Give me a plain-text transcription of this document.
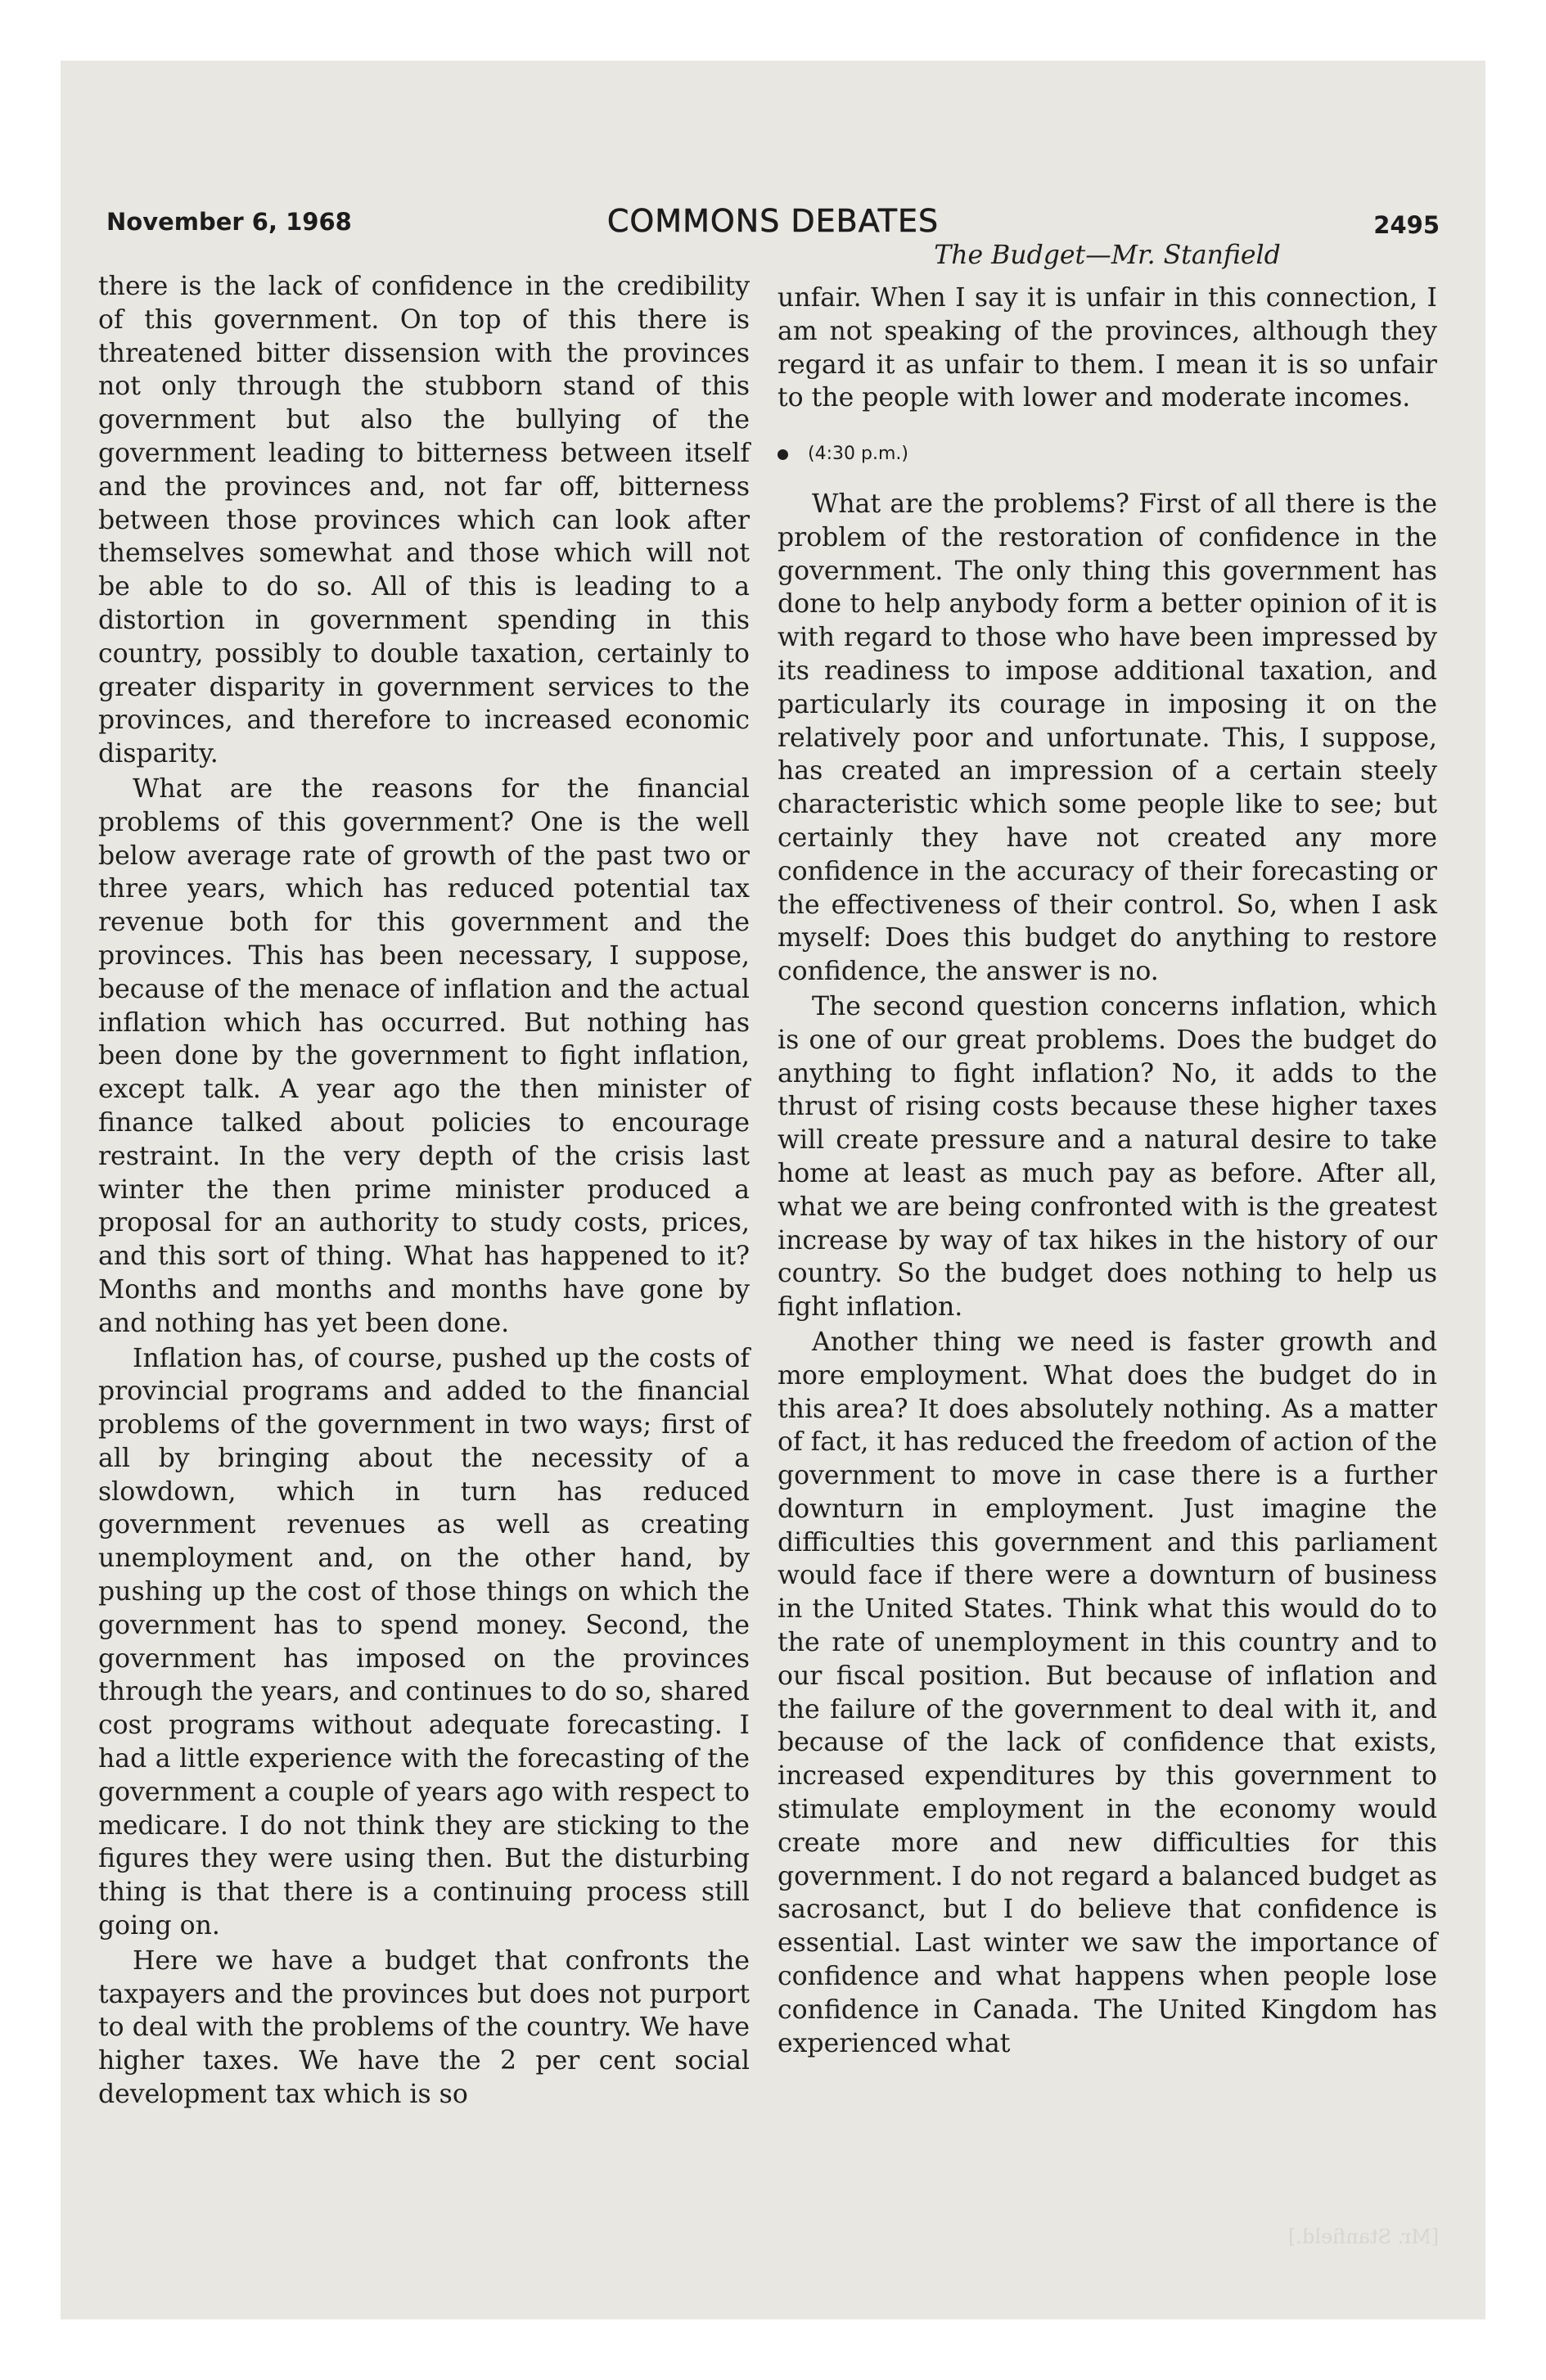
[Mr. Stanfield.]
November 6, 1968	COMMONS DEBATES	2495
The Budget—Mr. Stanfield

there is the lack of confidence in the credibility of this government. On top of this there is threatened bitter dissension with the provinces not only through the stubborn stand of this government but also the bullying of the government leading to bitterness between itself and the provinces and, not far off, bitterness between those provinces which can look after themselves somewhat and those which will not be able to do so. All of this is leading to a distortion in government spending in this country, possibly to double taxation, certainly to greater disparity in government services to the provinces, and therefore to increased economic disparity.

What are the reasons for the financial problems of this government? One is the well below average rate of growth of the past two or three years, which has reduced potential tax revenue both for this government and the provinces. This has been necessary, I suppose, because of the menace of inflation and the actual inflation which has occurred. But nothing has been done by the government to fight inflation, except talk. A year ago the then minister of finance talked about policies to encourage restraint. In the very depth of the crisis last winter the then prime minister produced a proposal for an authority to study costs, prices, and this sort of thing. What has happened to it? Months and months and months have gone by and nothing has yet been done.

Inflation has, of course, pushed up the costs of provincial programs and added to the financial problems of the government in two ways; first of all by bringing about the necessity of a slowdown, which in turn has reduced government revenues as well as creating unemployment and, on the other hand, by pushing up the cost of those things on which the government has to spend money. Second, the government has imposed on the provinces through the years, and continues to do so, shared cost programs without adequate forecasting. I had a little experience with the forecasting of the government a couple of years ago with respect to medicare. I do not think they are sticking to the figures they were using then. But the disturbing thing is that there is a continuing process still going on.

Here we have a budget that confronts the taxpayers and the provinces but does not purport to deal with the problems of the country. We have higher taxes. We have the 2 per cent social development tax which is so

unfair. When I say it is unfair in this connection, I am not speaking of the provinces, although they regard it as unfair to them. I mean it is so unfair to the people with lower and moderate incomes.

(4:30 p.m.)

What are the problems? First of all there is the problem of the restoration of confidence in the government. The only thing this government has done to help anybody form a better opinion of it is with regard to those who have been impressed by its readiness to impose additional taxation, and particularly its courage in imposing it on the relatively poor and unfortunate. This, I suppose, has created an impression of a certain steely characteristic which some people like to see; but certainly they have not created any more confidence in the accuracy of their forecasting or the effectiveness of their control. So, when I ask myself: Does this budget do anything to restore confidence, the answer is no.

The second question concerns inflation, which is one of our great problems. Does the budget do anything to fight inflation? No, it adds to the thrust of rising costs because these higher taxes will create pressure and a natural desire to take home at least as much pay as before. After all, what we are being confronted with is the greatest increase by way of tax hikes in the history of our country. So the budget does nothing to help us fight inflation.

Another thing we need is faster growth and more employment. What does the budget do in this area? It does absolutely nothing. As a matter of fact, it has reduced the freedom of action of the government to move in case there is a further downturn in employment. Just imagine the difficulties this government and this parliament would face if there were a downturn of business in the United States. Think what this would do to the rate of unemployment in this country and to our fiscal position. But because of inflation and the failure of the government to deal with it, and because of the lack of confidence that exists, increased expenditures by this government to stimulate employment in the economy would create more and new difficulties for this government. I do not regard a balanced budget as sacrosanct, but I do believe that confidence is essential. Last winter we saw the importance of confidence and what happens when people lose confidence in Canada. The United Kingdom has experienced what
